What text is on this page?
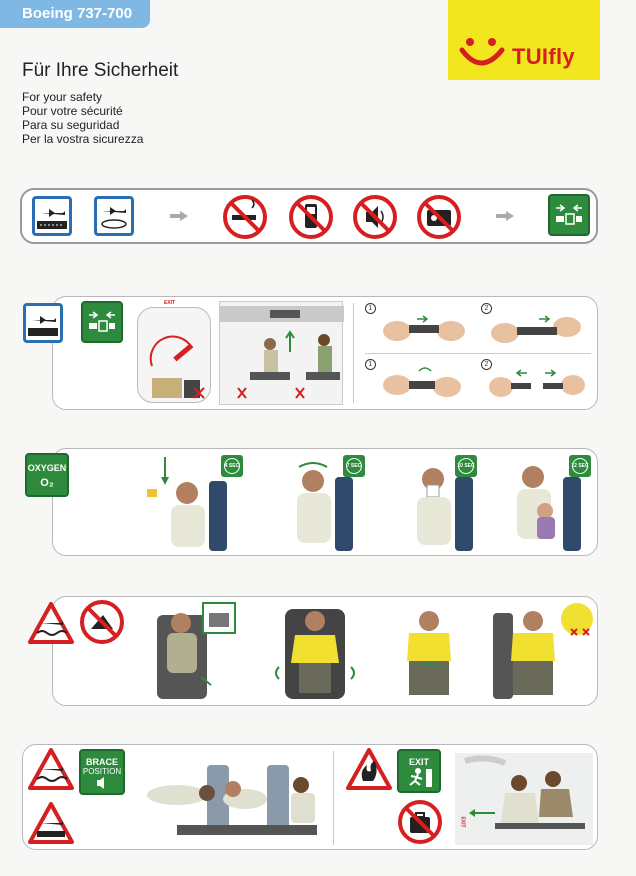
Boeing 737-700
TUIfly
Für Ihre Sicherheit
For your safety
Pour votre sécurité
Para su seguridad
Per la vostra sicurezza
EXIT
1	2
1	2
OXYGEN
O₂
4 SEC	7 SEC	10 SEC	12 SEC
BRACE
POSITION
EXIT
EXIT
